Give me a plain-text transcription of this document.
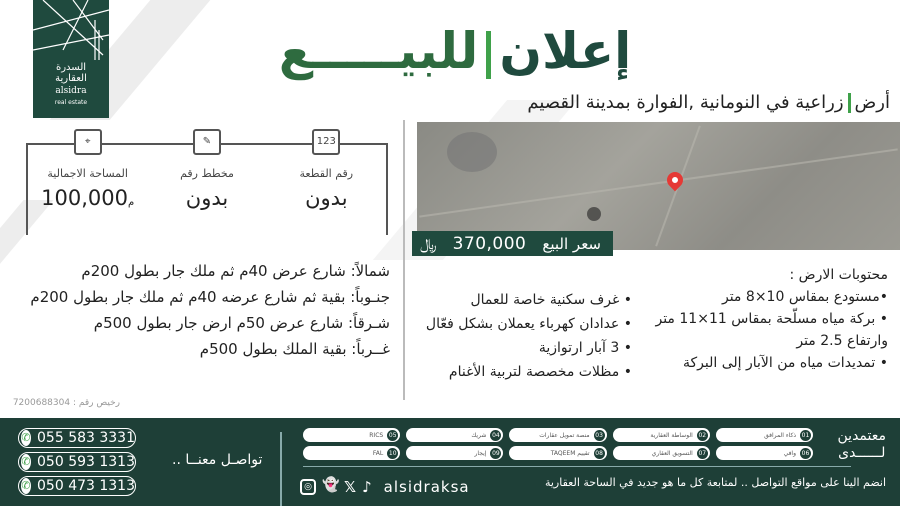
السدرة
العقارية
alsidra
real estate
إعلانللبيـــــع
أرضزراعية في النومانية ,الفوارة بمدينة القصيم
سعر البيع
370,000
﷼
123
رقم القطعة
بدون
✎
مخطط رقم
بدون
⌖
المساحة الاجمالية
م100,000
شمالاً: شارع عرض 40م ثم ملك جار بطول 200م
جنـوباً: بقية ثم شارع عرضه 40م ثم ملك جار بطول 200م
شـرقاً: شارع عرض 50م ارض جار بطول 500م
غــرباً: بقية الملك بطول 500م
رخيص رقم : 7200688304
محتوبات الارض :
•مستودع بمقاس 10×8 متر
• بركة مياه مسلّحة بمقاس 11×11 متر
وارتفاع 2.5 متر
• تمديدات مياه من الآبار إلى البركة
• غرف سكنية خاصة للعمال
• عدادان كهرباء يعملان بشكل فعّال
• 3 آبار ارتوازية
• مظلات مخصصة لتربية الأغنام
✆ 055 583 3331
✆ 050 593 1313
✆ 050 473 1313
تواصـل معنــا ..
01
ذكاء المرافق
02
الوساطة العقارية
03
منصة تمويل عقارات
04
شريك
05
RICS
06
وافي
07
التسويق العقاري
08
تقييم TAQEEM
09
إيجار
10
FAL
معتمدين
لــــــدى
◎ 👻 𝕏 ♪ alsidraksa	انضم الينا على مواقع التواصل .. لمتابعة كل ما هو جديد في الساحة العقارية
